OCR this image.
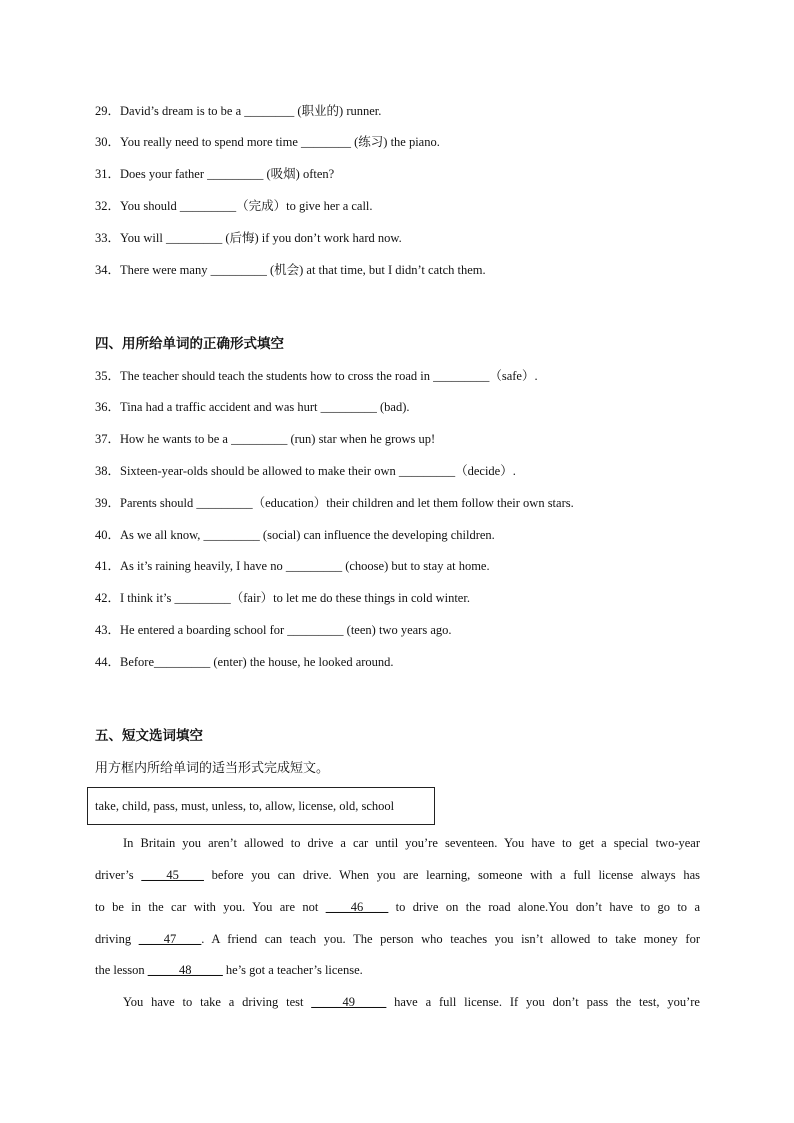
29．David’s dream is to be a ________ (职业的) runner.
30．You really need to spend more time ________ (练习) the piano.
31．Does your father _________ (吸烟) often?
32．You should _________（完成）to give her a call.
33．You will _________ (后悔) if you don’t work hard now.
34．There were many _________ (机会) at that time, but I didn’t catch them.
四、用所给单词的正确形式填空
35．The teacher should teach the students how to cross the road in _________（safe）.
36．Tina had a traffic accident and was hurt _________ (bad).
37．How he wants to be a _________ (run) star when he grows up!
38．Sixteen-year-olds should be allowed to make their own _________（decide）.
39．Parents should _________（education）their children and let them follow their own stars.
40．As we all know, _________ (social) can influence the developing children.
41．As it’s raining heavily, I have no _________ (choose) but to stay at home.
42．I think it’s _________（fair）to let me do these things in cold winter.
43．He entered a boarding school for _________ (teen) two years ago.
44．Before_________ (enter) the house, he looked around.
五、短文选词填空
用方框内所给单词的适当形式完成短文。
take, child, pass, must, unless, to, allow, license, old, school
In Britain you aren’t allowed to drive a car until you’re seventeen. You have to get a special two-year
driver’s ____45____ before you can drive. When you are learning, someone with a full license always has
to be in the car with you. You are not ____46____ to drive on the road alone.You don’t have to go to a
driving ____47____. A friend can teach you. The person who teaches you isn’t allowed to take money for
the lesson _____48_____ he’s got a teacher’s license.
You have to take a driving test _____49_____ have a full license. If you don’t pass the test, you’re
